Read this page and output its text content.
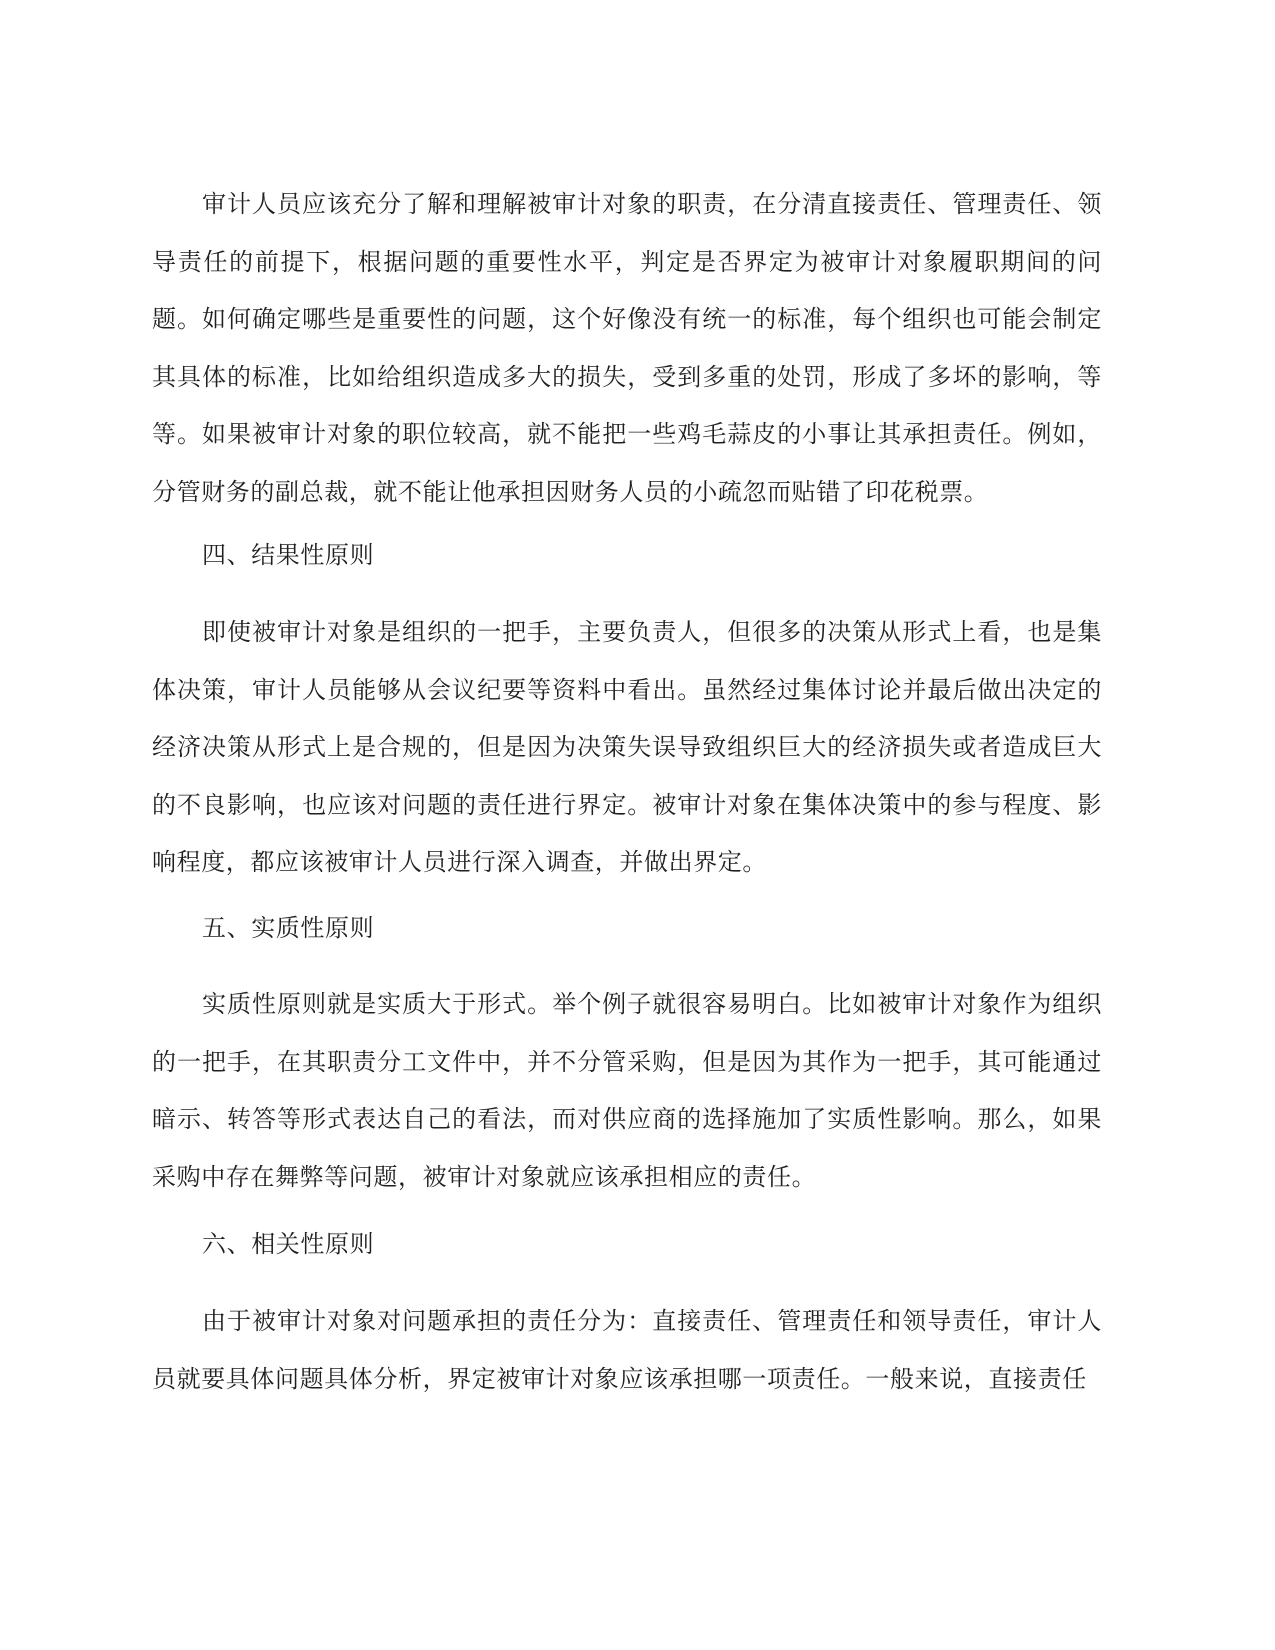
审计人员应该充分了解和理解被审计对象的职责，在分清直接责任、管理责任、领导责任的前提下，根据问题的重要性水平，判定是否界定为被审计对象履职期间的问题。如何确定哪些是重要性的问题，这个好像没有统一的标准，每个组织也可能会制定其具体的标准，比如给组织造成多大的损失，受到多重的处罚，形成了多坏的影响，等等。如果被审计对象的职位较高，就不能把一些鸡毛蒜皮的小事让其承担责任。例如，分管财务的副总裁，就不能让他承担因财务人员的小疏忽而贴错了印花税票。

四、结果性原则

即使被审计对象是组织的一把手，主要负责人，但很多的决策从形式上看，也是集体决策，审计人员能够从会议纪要等资料中看出。虽然经过集体讨论并最后做出决定的经济决策从形式上是合规的，但是因为决策失误导致组织巨大的经济损失或者造成巨大的不良影响，也应该对问题的责任进行界定。被审计对象在集体决策中的参与程度、影响程度，都应该被审计人员进行深入调查，并做出界定。

五、实质性原则

实质性原则就是实质大于形式。举个例子就很容易明白。比如被审计对象作为组织的一把手，在其职责分工文件中，并不分管采购，但是因为其作为一把手，其可能通过暗示、转答等形式表达自己的看法，而对供应商的选择施加了实质性影响。那么，如果采购中存在舞弊等问题，被审计对象就应该承担相应的责任。

六、相关性原则

由于被审计对象对问题承担的责任分为：直接责任、管理责任和领导责任，审计人员就要具体问题具体分析，界定被审计对象应该承担哪一项责任。一般来说，直接责任
